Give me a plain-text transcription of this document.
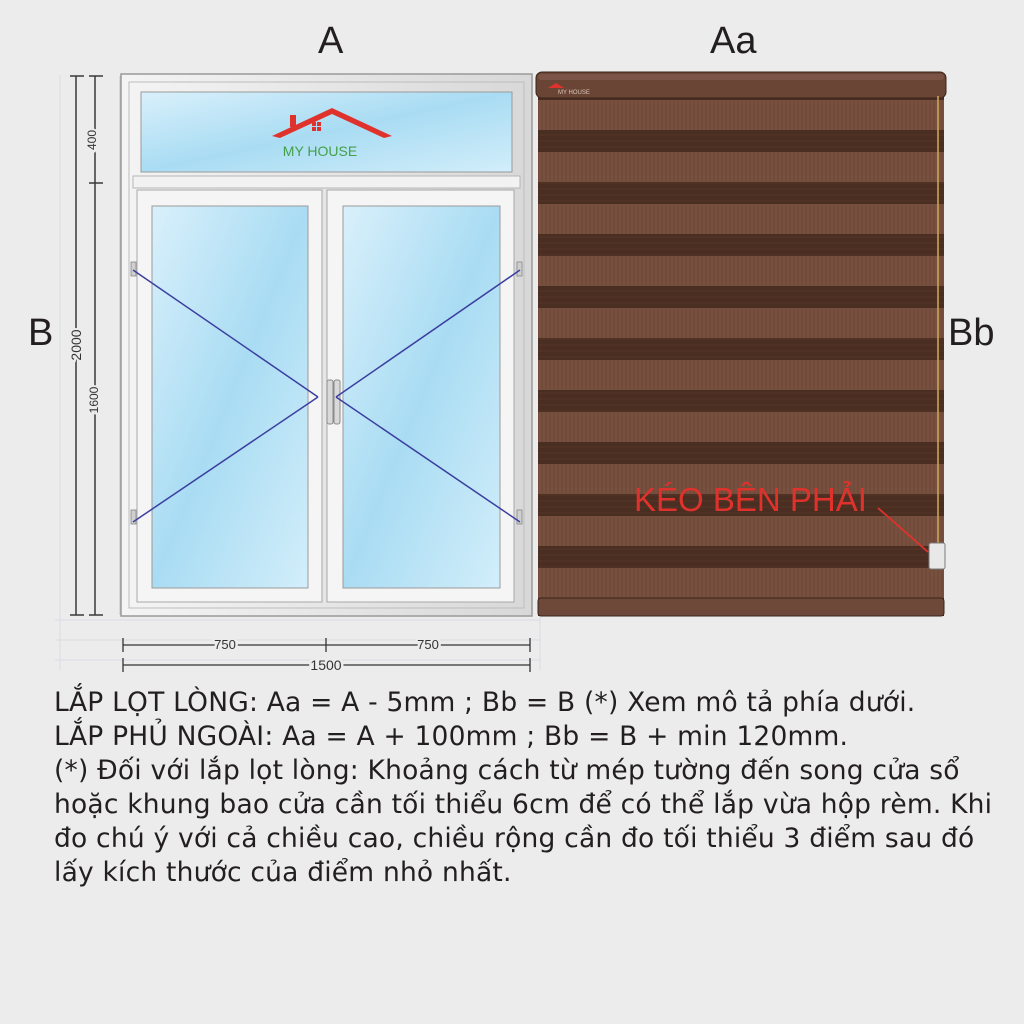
A	Aa
B	Bb
400
2000
1600
MY HOUSE
750	750
1500
MY HOUSE
KÉO BÊN PHẢI

LẮP LỌT LÒNG: Aa = A - 5mm ; Bb = B (*) Xem mô tả phía dưới.

LẮP PHỦ NGOÀI: Aa = A + 100mm ; Bb = B + min 120mm.

(*) Đối với lắp lọt lòng: Khoảng cách từ mép tường đến song cửa sổ hoặc khung bao cửa cần tối thiểu 6cm để có thể lắp vừa hộp rèm. Khi đo chú ý với cả chiều cao, chiều rộng cần đo tối thiểu 3 điểm sau đó lấy kích thước của điểm nhỏ nhất.
